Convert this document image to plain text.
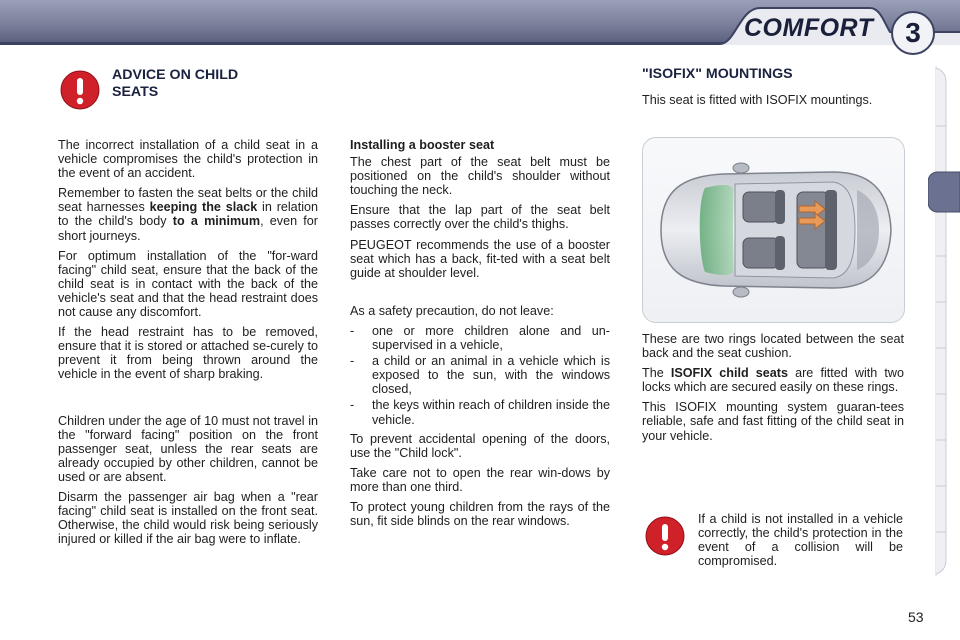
COMFORT	3
ADVICE ON CHILD
SEATS

The incorrect installation of a child seat in a vehicle compromises the child's protection in the event of an accident.

Remember to fasten the seat belts or the child seat harnesses keeping the slack in relation to the child's body to a minimum, even for short journeys.

For optimum installation of the "for-ward facing" child seat, ensure that the back of the child seat is in contact with the back of the vehicle's seat and that the head restraint does not cause any discomfort.

If the head restraint has to be removed, ensure that it is stored or attached se-curely to prevent it from being thrown around the vehicle in the event of sharp braking.

Children under the age of 10 must not travel in the "forward facing" position on the front passenger seat, unless the rear seats are already occupied by other children, cannot be used or are absent.

Disarm the passenger air bag when a "rear facing" child seat is installed on the front seat. Otherwise, the child would risk being seriously injured or killed if the air bag were to inflate.

Installing a booster seat

The chest part of the seat belt must be positioned on the child's shoulder without touching the neck.

Ensure that the lap part of the seat belt passes correctly over the child's thighs.

PEUGEOT recommends the use of a booster seat which has a back, fit-ted with a seat belt guide at shoulder level.

As a safety precaution, do not leave:

-	one or more children alone and un-supervised in a vehicle,
-	a child or an animal in a vehicle which is exposed to the sun, with the windows closed,
-	the keys within reach of children inside the vehicle.

To prevent accidental opening of the doors, use the "Child lock".

Take care not to open the rear win-dows by more than one third.

To protect young children from the rays of the sun, fit side blinds on the rear windows.

"ISOFIX" MOUNTINGS

This seat is fitted with ISOFIX mountings.

These are two rings located between the seat back and the seat cushion.

The ISOFIX child seats are fitted with two locks which are secured easily on these rings.

This ISOFIX mounting system guaran-tees reliable, safe and fast fitting of the child seat in your vehicle.

If a child is not installed in a vehicle correctly, the child's protection in the event of a collision will be compromised.

53
